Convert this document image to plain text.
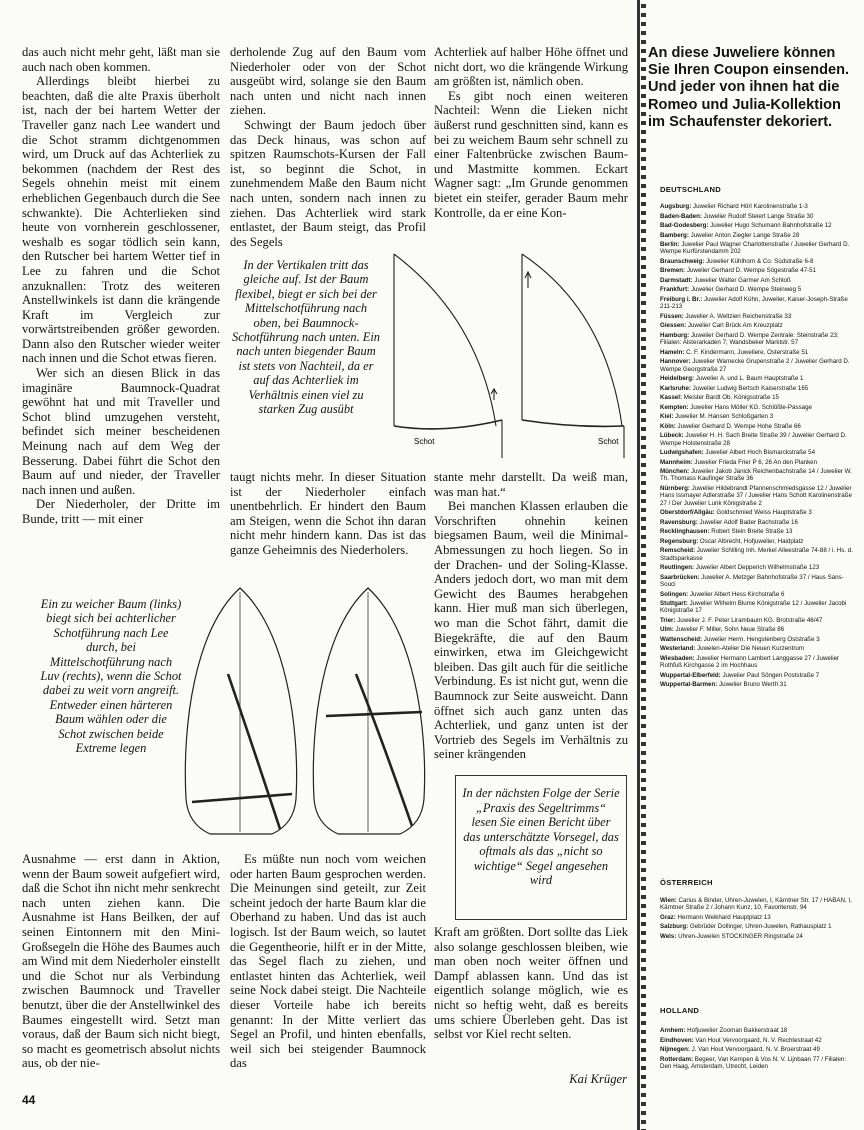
das auch nicht mehr geht, läßt man sie auch nach oben kommen.

Allerdings bleibt hierbei zu beachten, daß die alte Praxis überholt ist, nach der bei hartem Wetter der Traveller ganz nach Lee wandert und die Schot stramm dichtgenommen wird, um Druck auf das Achterliek zu bekommen (nachdem der Rest des Segels ohnehin meist mit einem erheblichen Gegenbauch durch die See schwankte). Die Achterlieken sind heute von vornherein geschlossener, weshalb es sogar tödlich sein kann, den Rutscher bei hartem Wetter tief in Lee zu fahren und die Schot anzuknallen: Trotz des weiteren Anstellwinkels ist dann die krängende Kraft im Vergleich zur vorwärtstreibenden größer geworden. Dann also den Rutscher wieder weiter nach innen und die Schot etwas fieren.

Wer sich an diesen Blick in das imaginäre Baumnock-Quadrat gewöhnt hat und mit Traveller und Schot blind umzugehen versteht, befindet sich meiner bescheidenen Meinung nach auf dem Weg der Besserung. Dabei führt die Schot den Baum auf und nieder, der Traveller nach innen und außen.

Der Niederholer, der Dritte im Bunde, tritt — mit einer

derholende Zug auf den Baum vom Niederholer oder von der Schot ausgeübt wird, solange sie den Baum nach unten und nicht nach innen ziehen.

Schwingt der Baum jedoch über das Deck hinaus, was schon auf spitzen Raumschots-Kursen der Fall ist, so beginnt die Schot, in zunehmendem Maße den Baum nicht nach unten, sondern nach innen zu ziehen. Das Achterliek wird stark entlastet, der Baum steigt, das Profil des Segels

Achterliek auf halber Höhe öffnet und nicht dort, wo die krängende Wirkung am größten ist, nämlich oben.

Es gibt noch einen weiteren Nachteil: Wenn die Lieken nicht äußerst rund geschnitten sind, kann es bei zu weichem Baum sehr schnell zu einer Faltenbrücke zwischen Baum- und Mastmitte kommen. Eckart Wagner sagt: „Im Grunde genommen bietet ein steifer, gerader Baum mehr Kontrolle, da er eine Kon-

In der Vertikalen tritt das gleiche auf. Ist der Baum flexibel, biegt er sich bei der Mittelschotführung nach oben, bei Baumnock-Schotführung nach unten. Ein nach unten biegender Baum ist stets von Nachteil, da er auf das Achterliek im Verhältnis einen viel zu starken Zug ausübt
Schot	Schot

taugt nichts mehr. In dieser Situation ist der Niederholer einfach unentbehrlich. Er hindert den Baum am Steigen, wenn die Schot ihn daran nicht mehr hindern kann. Das ist das ganze Geheimnis des Niederholers.

stante mehr darstellt. Da weiß man, was man hat.“

Bei manchen Klassen erlauben die Vorschriften ohnehin keinen biegsamen Baum, weil die Minimal-Abmessungen zu hoch liegen. So in der Drachen- und der Soling-Klasse. Anders jedoch dort, wo man mit dem Gewicht des Baumes herabgehen kann. Hier muß man sich überlegen, wo man die Schot fährt, damit die Biegekräfte, die auf den Baum einwirken, etwa im Gleichgewicht bleiben. Das gilt auch für die seitliche Verbindung. Es ist nicht gut, wenn die Baumnock zur Seite ausweicht. Dann öffnet sich auch ganz unten das Achterliek, und ganz unten ist der Vortrieb des Segels im Verhältnis zu seiner krängenden

Ein zu weicher Baum (links) biegt sich bei achterlicher Schotführung nach Lee durch, bei Mittelschotführung nach Luv (rechts), wenn die Schot dabei zu weit vorn angreift. Entweder einen härteren Baum wählen oder die Schot zwischen beide Extreme legen

Ausnahme — erst dann in Aktion, wenn der Baum soweit aufgefiert wird, daß die Schot ihn nicht mehr senkrecht nach unten ziehen kann. Die Ausnahme ist Hans Beilken, der auf seinen Eintonnern mit den Mini-Großsegeln die Höhe des Baumes auch am Wind mit dem Niederholer einstellt und die Schot nur als Verbindung zwischen Baumnock und Traveller benutzt, über die der Anstellwinkel des Baumes eingestellt wird. Setzt man voraus, daß der Baum sich nicht biegt, so macht es geometrisch absolut nichts aus, ob der nie-

Es müßte nun noch vom weichen oder harten Baum gesprochen werden. Die Meinungen sind geteilt, zur Zeit scheint jedoch der harte Baum klar die Oberhand zu haben. Und das ist auch logisch. Ist der Baum weich, so lautet die Gegentheorie, hilft er in der Mitte, das Segel flach zu ziehen, und entlastet hinten das Achterliek, weil seine Nock dabei steigt. Die Nachteile dieser Vorteile habe ich bereits genannt: In der Mitte verliert das Segel an Profil, und hinten ebenfalls, weil sich bei steigender Baumnock das

In der nächsten Folge der Serie „Praxis des Segeltrimms“ lesen Sie einen Bericht über das unterschätzte Vorsegel, das oftmals als das „nicht so wichtige“ Segel angesehen wird

Kraft am größten. Dort sollte das Liek also solange geschlossen bleiben, wie man oben noch weiter öffnen und Dampf ablassen kann. Und das ist eigentlich solange möglich, wie es nicht so heftig weht, daß es bereits ums schiere Überleben geht. Das ist selbst vor Kiel recht selten.

Kai Krüger
44
An diese Juweliere können Sie Ihren Coupon einsenden. Und jeder von ihnen hat die Romeo und Julia-Kollektion im Schaufenster dekoriert.
DEUTSCHLAND
Augsburg: Juwelier Richard Hörl Karolinenstraße 1-3
Baden-Baden: Juwelier Rudolf Steiert Lange Straße 30
Bad-Godesberg: Juwelier Hugo Schumann Bahnhofstraße 12
Bamberg: Juwelier Anton Ziegler Lange Straße 28
Berlin: Juwelier Paul Wagner Charlottenstraße / Juwelier Gerhard D. Wempe Kurfürstendamm 202
Braunschweig: Juwelier Kühlhorn & Co. Südstraße 6-8
Bremen: Juwelier Gerhard D. Wempe Sögestraße 47-51
Darmstadt: Juwelier Walter Garmer Am Schloß
Frankfurt: Juwelier Gerhard D. Wempe Steinweg 5
Freiburg i. Br.: Juwelier Adolf Kühn, Juwelier, Kaiser-Joseph-Straße 211-213
Füssen: Juwelier A. Weltzien Reichenstraße 33
Giessen: Juwelier Carl Brück Am Kreuzplatz
Hamburg: Juwelier Gerhard D. Wempe Zentrale: Steinstraße 23; Filialen: Alsterarkaden 7; Wandsbeker Marktstr. 57
Hameln: C. F. Kindermann, Juweliere, Osterstraße 51
Hannover: Juwelier Warnecke Grupenstraße 2 / Juwelier Gerhard D. Wempe Georgstraße 27
Heidelberg: Juwelier A. und L. Baum Hauptstraße 1
Karlsruhe: Juwelier Ludwig Bertsch Kaiserstraße 165
Kassel: Meister Bardt Ob. Königsstraße 15
Kempten: Juwelier Hans Möller KG. Schlößle-Passage
Kiel: Juwelier M. Hansen Schloßgarten 3
Köln: Juwelier Gerhard D. Wempe Hohe Straße 66
Lübeck: Juwelier H. H. Sach Breite Straße 39 / Juwelier Gerhard D. Wempe Holstenstraße 28
Ludwigshafen: Juwelier Albert Hoch Bismarckstraße 54
Mannheim: Juwelier Frieda Frier P 6, 26 An den Planken
München: Juwelier Jakob Janick Reichenbachstraße 14 / Juwelier W. Th. Thomass Kaufinger Straße 36
Nürnberg: Juwelier Hildebrandt Pfannenschmiedsgasse 12 / Juwelier Hans Issmayer Adlerstraße 37 / Juwelier Hans Schott Karolinenstraße 27 / Der Juwelier Lunk Königstraße 2
Oberstdorf/Allgäu: Goldschmied Weiss Hauptstraße 3
Ravensburg: Juwelier Adolf Bader Bachstraße 16
Recklinghausen: Robert Stein Breite Straße 13
Regensburg: Oscar Albrecht, Hofjuwelier, Haidplatz
Remscheid: Juwelier Schilling Inh. Merkel Alleestraße 74-88 / i. Hs. d. Stadtsparkasse
Reutlingen: Juwelier Albert Depperich Wilhelmstraße 123
Saarbrücken: Juwelier A. Metzger Bahnhofstraße 37 / Haus Sans-Souci
Solingen: Juwelier Albert Hess Kirchstraße 6
Stuttgart: Juwelier Wilhelm Blume Königstraße 12 / Juwelier Jacobi Königstraße 17
Trier: Juwelier J. F. Peter Lirambaum KG. Brotstraße 46/47
Ulm: Juwelier F. Miller, Sohn Neue Straße 86
Wattenscheid: Juwelier Herm. Hengstenberg Oststraße 3
Westerland: Juwelen-Atelier Die Neuen Kurzentrum
Wiesbaden: Juwelier Hermann Lambert Langgasse 27 / Juwelier Rothfuß Kirchgasse 2 im Hochhaus
Wuppertal-Elberfeld: Juwelier Paul Söngen Poststraße 7
Wuppertal-Barmen: Juwelier Bruno Werth 31
ÖSTERREICH
Wien: Carius & Binder, Uhren-Juwelen, I, Kärntner Str. 17 / HABAN, I, Kärntner Straße 2 / Johann Kunz, 10, Favoritenstr. 94
Graz: Hermann Weikhard Hauptplatz 13
Salzburg: Gebrüder Dollinger, Uhren-Juwelen, Rathausplatz 1
Wels: Uhren-Juwelen STOCKINGER Ringstraße 24
HOLLAND
Arnhem: Hofjuwelier Zooman Bakkerstraat 18
Eindhoven: Van Hout Vervoorgaard, N. V. Rechtestraat 42
Nijmegen: J. Van Hout Vervoorgaard, N. V. Broerstraat 49
Rotterdam: Begeer, Van Kempen & Vos N. V. Lijnbaan 77 / Filialen: Den Haag, Amsterdam, Utrecht, Leiden
